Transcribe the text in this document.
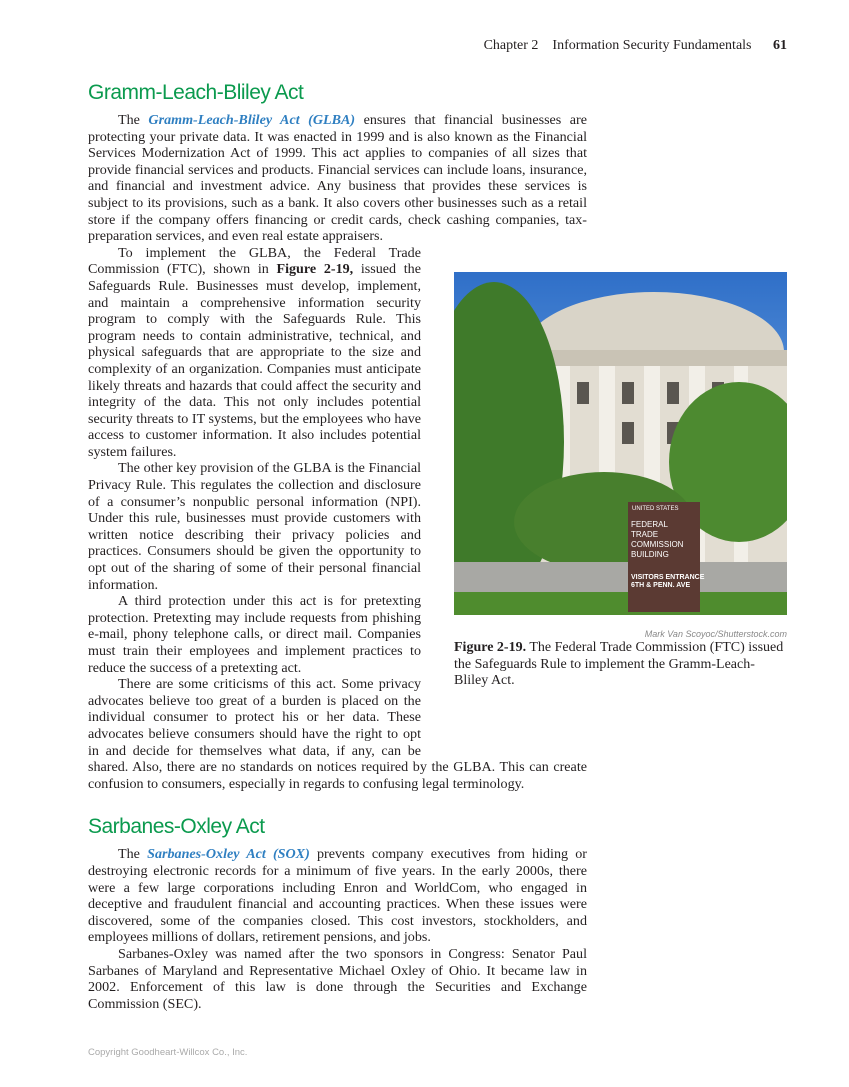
Chapter 2 Information Security Fundamentals 61
Gramm-Leach-Bliley Act

The Gramm-Leach-Bliley Act (GLBA) ensures that financial businesses are protecting your private data. It was enacted in 1999 and is also known as the Financial Services Modernization Act of 1999. This act applies to companies of all sizes that provide financial services and products. Financial services can include loans, insurance, and financial and investment advice. Any business that provides these services is subject to its provisions, such as a bank. It also covers other businesses such as a retail store if the company offers financing or credit cards, check cashing companies, tax-preparation services, and even real estate appraisers.

To implement the GLBA, the Federal Trade Commission (FTC), shown in Figure 2-19, issued the Safeguards Rule. Businesses must develop, implement, and maintain a comprehensive information security program to comply with the Safeguards Rule. This program needs to contain administrative, technical, and physical safeguards that are appropriate to the size and complexity of an organization. Companies must anticipate likely threats and hazards that could affect the security and integrity of the data. This not only includes potential security threats to IT systems, but the employees who have access to customer information. It also includes potential system failures.

The other key provision of the GLBA is the Financial Privacy Rule. This regulates the collection and disclosure of a consumer’s nonpublic personal information (NPI). Under this rule, businesses must provide customers with written notice describing their privacy policies and practices. Consumers should be given the opportunity to opt out of the sharing of some of their personal financial information.

A third protection under this act is for pretexting protection. Pretexting may include requests from phishing e-mail, phony telephone calls, or direct mail. Companies must train their employees and implement practices to reduce the success of a pretexting act.

There are some criticisms of this act. Some privacy advocates believe too great of a burden is placed on the individual consumer to protect his or her data. These advocates believe consumers should have the right to opt in and decide for themselves what data, if any, can be shared. Also, there are no standards on notices required by the GLBA. This can create confusion to consumers, especially in regards to confusing legal terminology.

Sarbanes-Oxley Act

The Sarbanes-Oxley Act (SOX) prevents company executives from hiding or destroying electronic records for a minimum of five years. In the early 2000s, there were a few large corporations including Enron and WorldCom, who engaged in deceptive and fraudulent financial and accounting practices. When these issues were discovered, some of the companies closed. This cost investors, stockholders, and employees millions of dollars, retirement pensions, and jobs.

Sarbanes-Oxley was named after the two sponsors in Congress: Senator Paul Sarbanes of Maryland and Representative Michael Oxley of Ohio. It became law in 2002. Enforcement of this law is done through the Securities and Exchange Commission (SEC).

UNITED STATES
FEDERAL
TRADE
COMMISSION
BUILDING
VISITORS ENTRANCE
6TH & PENN. AVE
Mark Van Scoyoc/Shutterstock.com
Figure 2-19. The Federal Trade Commission (FTC) issued the Safeguards Rule to implement the Gramm-Leach-Bliley Act.
Copyright Goodheart-Willcox Co., Inc.
